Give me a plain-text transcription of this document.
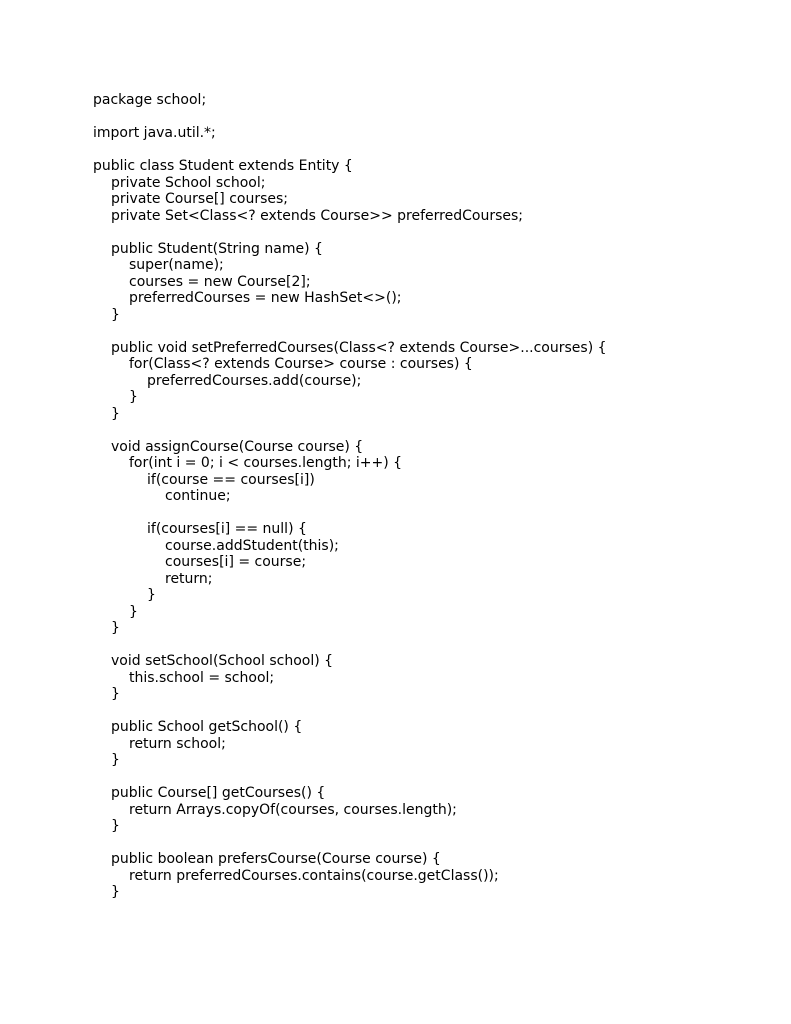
package school;
import java.util.*;
public class Student extends Entity {
private School school;
private Course[] courses;
private Set<Class<? extends Course>> preferredCourses;
public Student(String name) {
super(name);
courses = new Course[2];
preferredCourses = new HashSet<>();
}
public void setPreferredCourses(Class<? extends Course>...courses) {
for(Class<? extends Course> course : courses) {
preferredCourses.add(course);
}
}
void assignCourse(Course course) {
for(int i = 0; i < courses.length; i++) {
if(course == courses[i])
continue;
if(courses[i] == null) {
course.addStudent(this);
courses[i] = course;
return;
}
}
}
void setSchool(School school) {
this.school = school;
}
public School getSchool() {
return school;
}
public Course[] getCourses() {
return Arrays.copyOf(courses, courses.length);
}
public boolean prefersCourse(Course course) {
return preferredCourses.contains(course.getClass());
}
